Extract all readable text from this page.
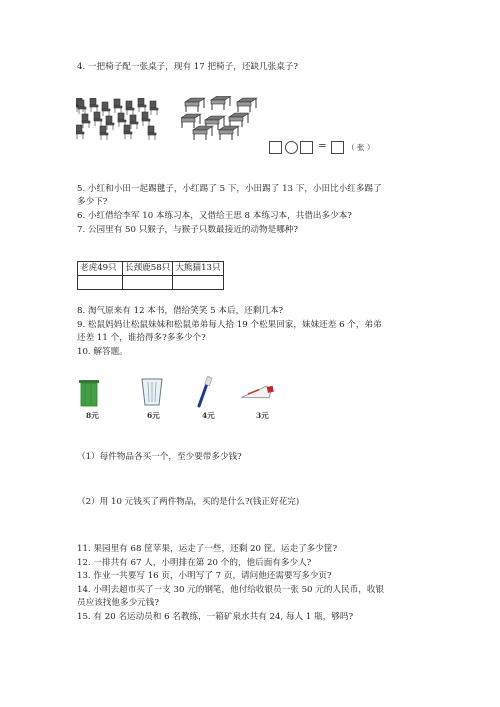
4. 一把椅子配一张桌子，现有 17 把椅子，还缺几张桌子?
=	（ 张 ）
5. 小红和小田一起踢毽子，小红踢了 5 下，小田踢了 13 下，小田比小红多踢了
多少下?
6. 小红借给李军 10 本练习本，又借给王思 8 本练习本，共借出多少本?
7. 公园里有 50 只猴子，与猴子只数最接近的动物是哪种?
老虎49只	长颈鹿58只	大熊猫13只

8. 淘气原来有 12 本书，借给笑笑 5 本后，还剩几本?
9. 松鼠妈妈让松鼠妹妹和松鼠弟弟每人拾 19 个松果回家，妹妹还差 6 个，弟弟
还差 11 个，谁拾得多?多多少个?
10. 解答题。
8元	6元	4元	3元
（1）每件物品各买一个，至少要带多少钱?
（2）用 10 元钱买了两件物品，买的是什么?(钱正好花完)
11. 果园里有 68 筐苹果，运走了一些，还剩 20 筐。运走了多少筐?
12. 一排共有 67 人，小明排在第 20 个的，他后面有多少人?
13. 作业一共要写 16 页，小明写了 7 页，请问他还需要写多少页?
14. 小明去超市买了一支 30 元的钢笔，他付给收银员一张 50 元的人民币，收银
员应该找他多少元钱?
15. 有 20 名运动员和 6 名教练，一箱矿泉水共有 24, 每人 1 瓶，够吗?
